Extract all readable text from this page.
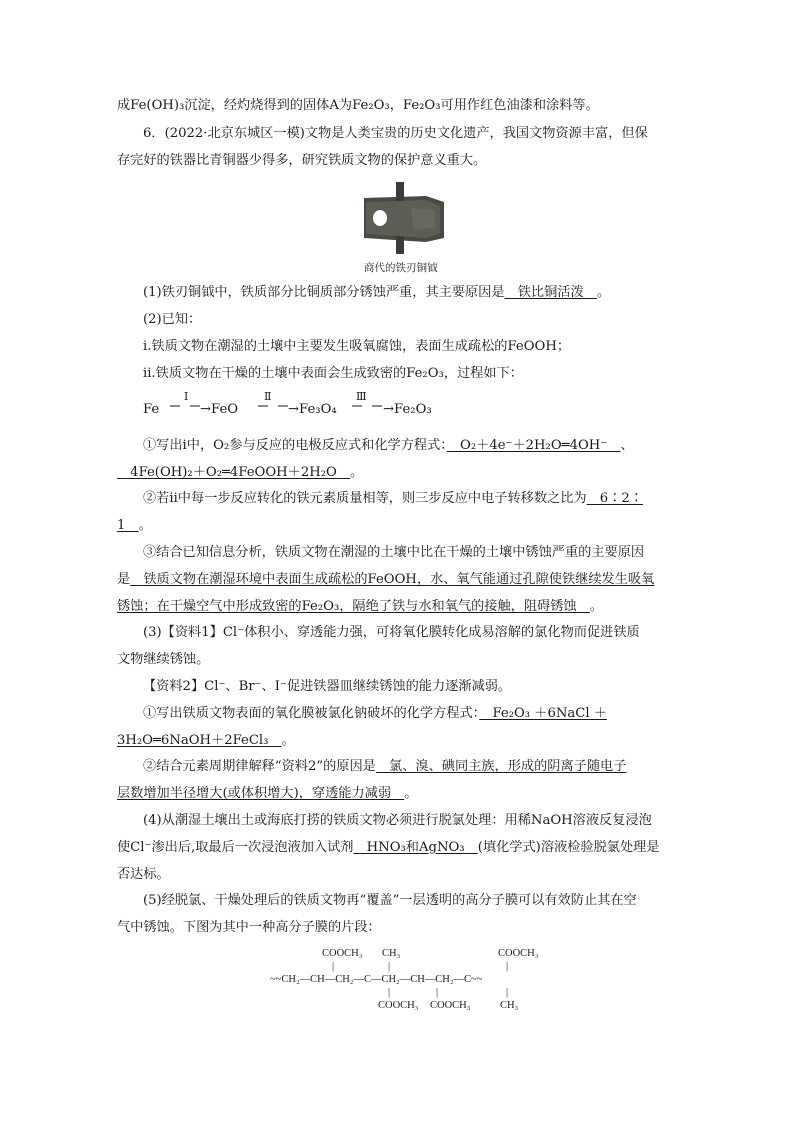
成Fe(OH)₃沉淀，经灼烧得到的固体A为Fe₂O₃，Fe₂O₃可用作红色油漆和涂料等。
6．(2022·北京东城区一模)文物是人类宝贵的历史文化遗产，我国文物资源丰富，但保
存完好的铁器比青铜器少得多，研究铁质文物的保护意义重大。
商代的铁刃铜钺
(1)铁刃铜钺中，铁质部分比铜质部分锈蚀严重，其主要原因是　铁比铜活泼　。
(2)已知：
ⅰ.铁质文物在潮湿的土壤中主要发生吸氧腐蚀，表面生成疏松的FeOOH；
ⅱ.铁质文物在干燥的土壤中表面会生成致密的Fe₂O₃，过程如下：
Fe
Ⅰ
→FeO
Ⅱ
→Fe₃O₄
Ⅲ
→Fe₂O₃
①写出ⅰ中，O₂参与反应的电极反应式和化学方程式：　O₂＋4e⁻＋2H₂O═4OH⁻　、
　4Fe(OH)₂＋O₂═4FeOOH＋2H₂O　。
②若ⅱ中每一步反应转化的铁元素质量相等，则三步反应中电子转移数之比为　6∶2∶
1　。
③结合已知信息分析，铁质文物在潮湿的土壤中比在干燥的土壤中锈蚀严重的主要原因
是　铁质文物在潮湿环境中表面生成疏松的FeOOH，水、氧气能通过孔隙使铁继续发生吸氧
锈蚀；在干燥空气中形成致密的Fe₂O₃，隔绝了铁与水和氧气的接触，阻碍锈蚀　。
(3)【资料1】Cl⁻体积小、穿透能力强，可将氧化膜转化成易溶解的氯化物而促进铁质
文物继续锈蚀。
【资料2】Cl⁻、Br⁻、I⁻促进铁器皿继续锈蚀的能力逐渐减弱。
①写出铁质文物表面的氧化膜被氯化钠破坏的化学方程式：　Fe₂O₃ ＋6NaCl ＋
3H₂O═6NaOH＋2FeCl₃　。
②结合元素周期律解释“资料2”的原因是　氯、溴、碘同主族，形成的阴离子随电子
层数增加半径增大(或体积增大)，穿透能力减弱　。
(4)从潮湿土壤出土或海底打捞的铁质文物必须进行脱氯处理：用稀NaOH溶液反复浸泡
使Cl⁻渗出后,取最后一次浸泡液加入试剂　HNO₃和AgNO₃　(填化学式)溶液检验脱氯处理是
否达标。
(5)经脱氯、干燥处理后的铁质文物再“覆盖”一层透明的高分子膜可以有效防止其在空
气中锈蚀。下图为其中一种高分子膜的片段：
COOCH₃ CH₃	COOCH₃
|	|	|
~~CH₂—CH—CH₂—C—CH₂—CH—CH₂—C~~
|	|	|
COOCH₃ COOCH₃	CH₃
